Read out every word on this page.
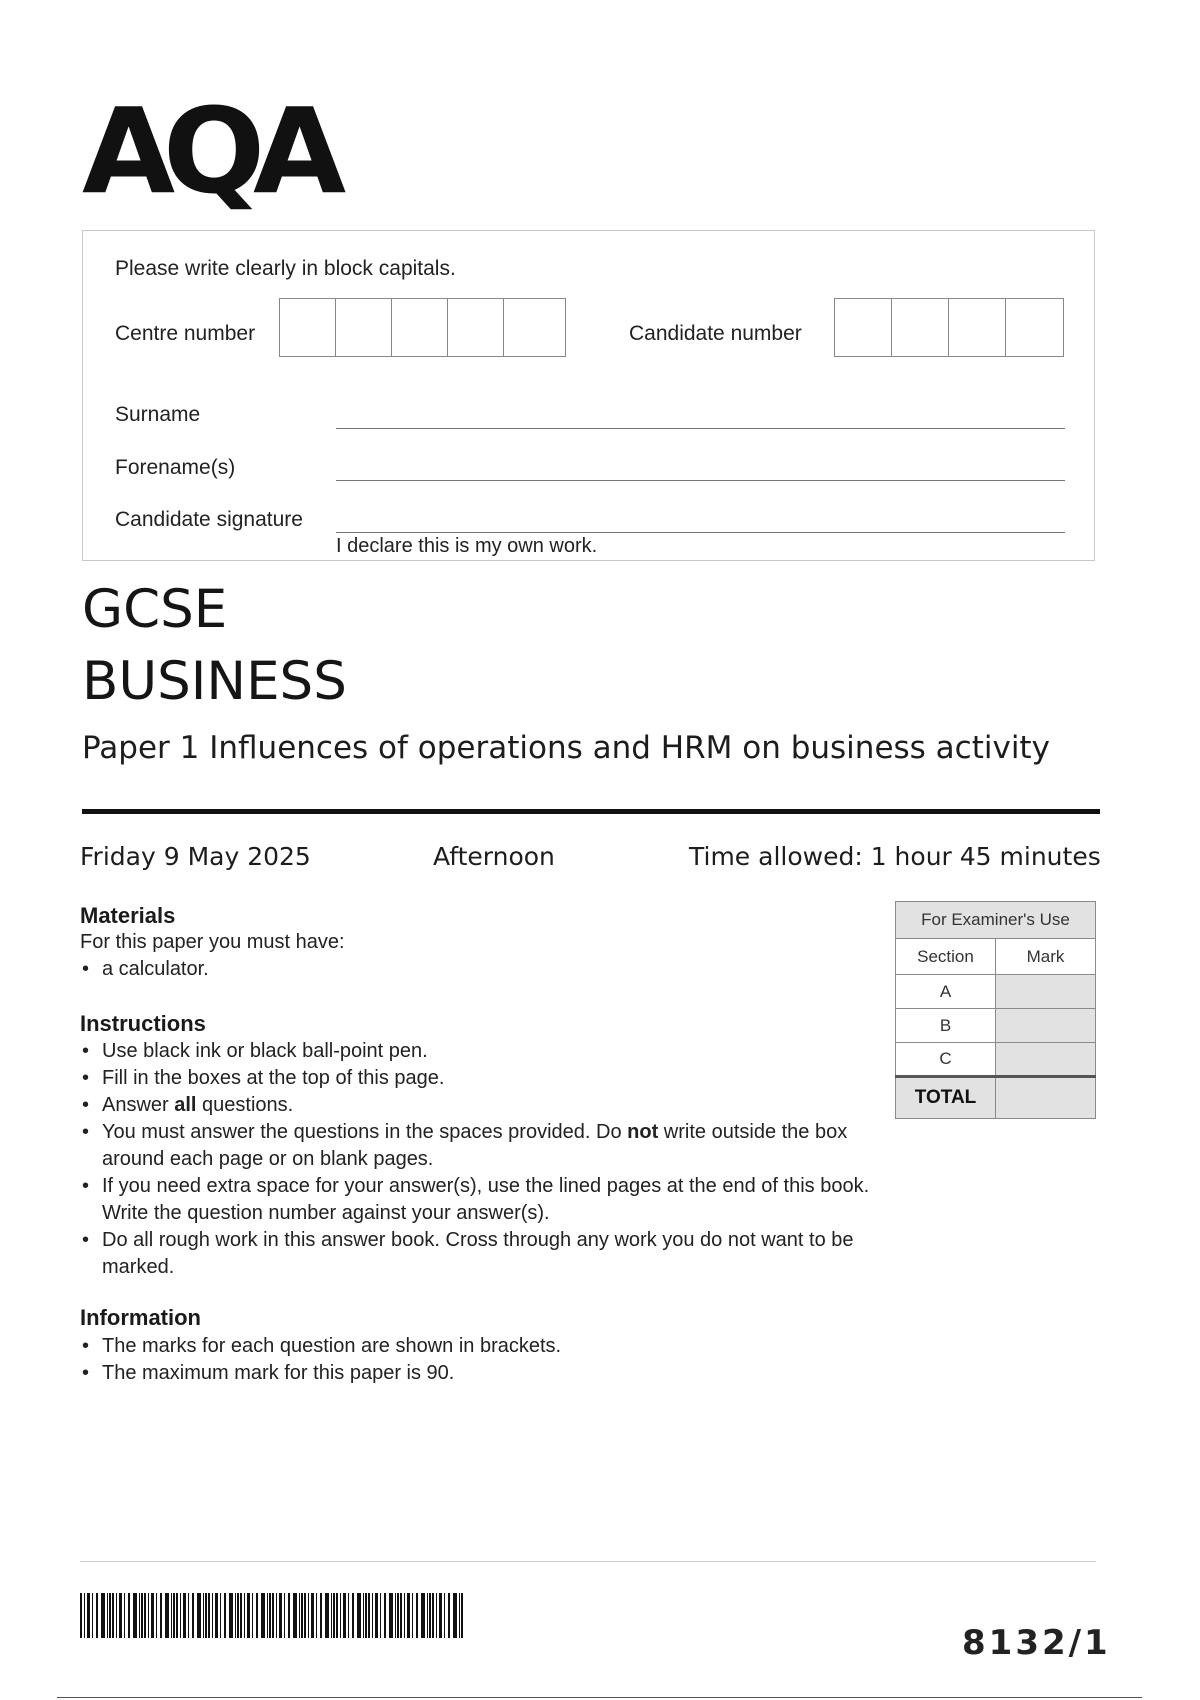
AQA
Please write clearly in block capitals.
Centre number	Candidate number
Surname
Forename(s)
Candidate signature
I declare this is my own work.
GCSE
BUSINESS
Paper 1 Influences of operations and HRM on business activity
Friday 9 May 2025	Afternoon	Time allowed: 1 hour 45 minutes
Materials
For this paper you must have:
• a calculator.
Instructions
• Use black ink or black ball-point pen.
• Fill in the boxes at the top of this page.
• Answer all questions.
• You must answer the questions in the spaces provided. Do not write outside the box around each page or on blank pages.
• If you need extra space for your answer(s), use the lined pages at the end of this book. Write the question number against your answer(s).
• Do all rough work in this answer book. Cross through any work you do not want to be marked.
Information
• The marks for each question are shown in brackets.
• The maximum mark for this paper is 90.
For Examiner's Use	
Section	Mark
A	
B	
C	
TOTAL	
8132/1
